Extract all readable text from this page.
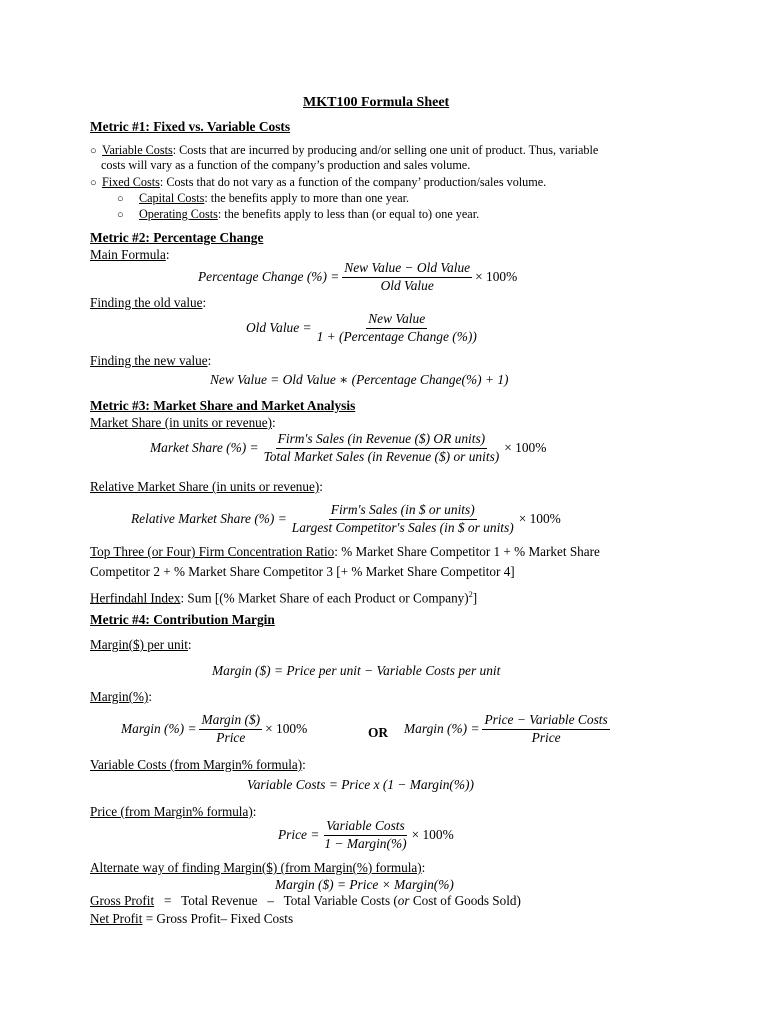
MKT100 Formula Sheet
Metric #1: Fixed vs. Variable Costs
○ Variable Costs: Costs that are incurred by producing and/or selling one unit of product. Thus, variable
costs will vary as a function of the company’s production and sales volume.
○ Fixed Costs: Costs that do not vary as a function of the company’ production/sales volume.
○ Capital Costs: the benefits apply to more than one year.
○ Operating Costs: the benefits apply to less than (or equal to) one year.
Metric #2: Percentage Change
Main Formula:
Percentage Change (%) = $\frac{\text{New Value − Old Value}}{\text{Old Value}} \times 100\%$
Finding the old value:
Old Value = $\frac{\text{New Value}}{\text{1 + (Percentage Change (\%))}}$
Finding the new value:
New Value = Old Value ∗ (Percentage Change(%) + 1)
Metric #3: Market Share and Market Analysis
Market Share (in units or revenue):
Market Share (%) = $\frac{\text{Firm′s Sales (in Revenue (\$) OR units)}}{\text{Total Market Sales (in Revenue (\$) or units)}} \times 100\%$
Relative Market Share (in units or revenue):
Relative Market Share (%) = $\frac{\text{Firm′s Sales (in \$ or units)}}{\text{Largest Competitor′s Sales (in \$ or units)}} \times 100\%$
Top Three (or Four) Firm Concentration Ratio: % Market Share Competitor 1 + % Market Share
Competitor 2 + % Market Share Competitor 3 [+ % Market Share Competitor 4]
Herfindahl Index: Sum [(% Market Share of each Product or Company)$^2$]
Metric #4: Contribution Margin
Margin($) per unit:
Margin ($) = Price per unit − Variable Costs per unit
Margin(%):
Margin (%) = $\frac{\text{Margin (\$)}}{\text{Price}} \times 100\%$	OR Margin (%) = $\frac{\text{Price − Variable Costs}}{\text{Price}}$
Variable Costs (from Margin% formula):
Variable Costs = Price x (1 − Margin(%))
Price (from Margin% formula):
Price = $\frac{\text{Variable Costs}}{\text{1 − Margin(\%)}} \times 100\%$
Alternate way of finding Margin($) (from Margin(%) formula):
Margin ($) = Price × Margin(%)
Gross Profit   =   Total Revenue   –   Total Variable Costs (or Cost of Goods Sold)
Net Profit = Gross Profit– Fixed Costs
